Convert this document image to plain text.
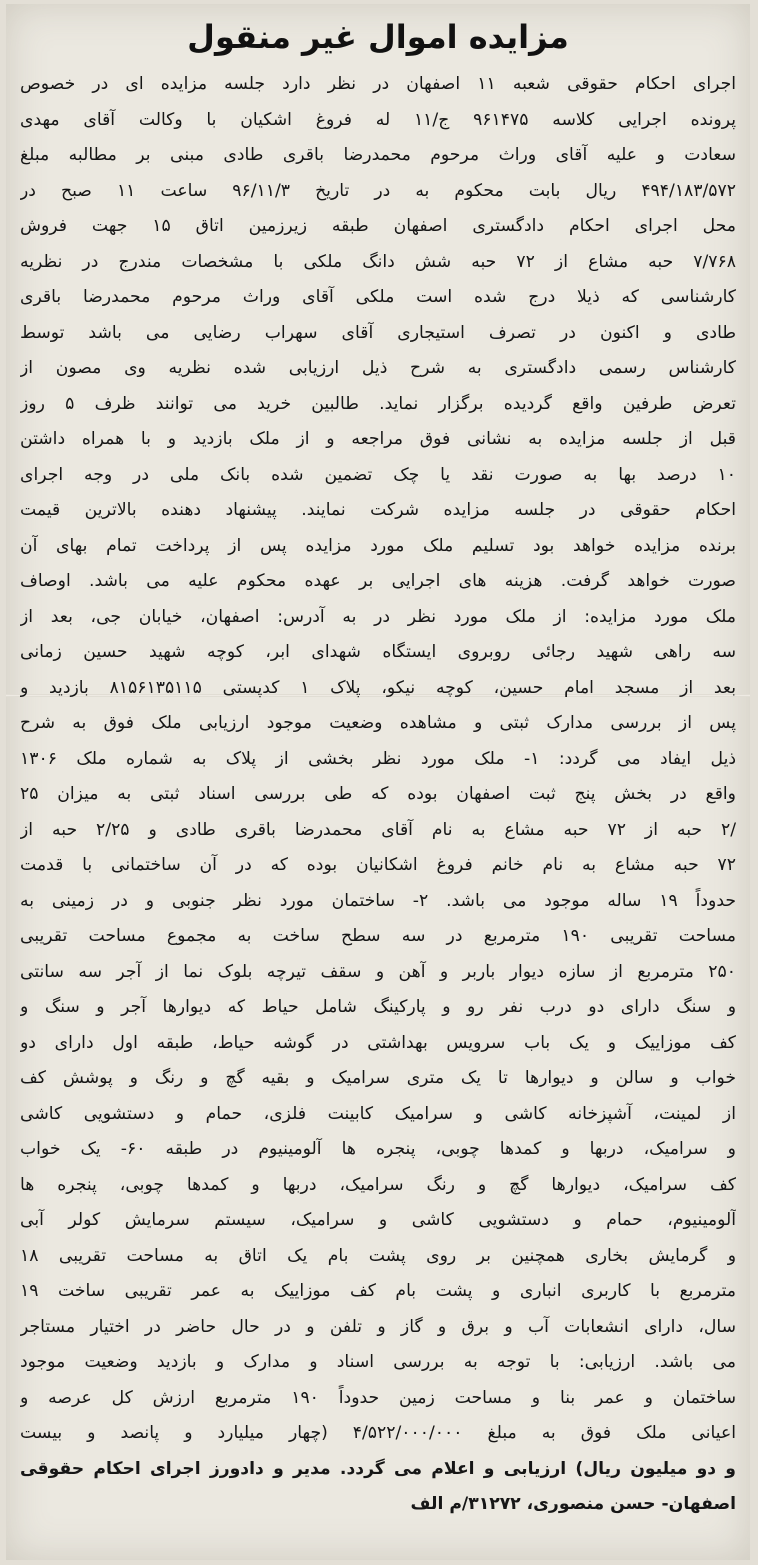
مزایده اموال غیر منقول
اجرای احکام حقوقی شعبه ۱۱ اصفهان در نظر دارد جلسه مزایده ای در خصوص
پرونده اجرایی کلاسه ۹۶۱۴۷۵ ج/۱۱ له فروغ اشکیان با وکالت آقای مهدی
سعادت و علیه آقای وراث مرحوم محمدرضا باقری طادی مبنی بر مطالبه مبلغ
۴۹۴/۱۸۳/۵۷۲ ریال بابت محکوم به در تاریخ ۹۶/۱۱/۳ ساعت ۱۱ صبح در
محل اجرای احکام دادگستری اصفهان طبقه زیرزمین اتاق ۱۵ جهت فروش
۷/۷۶۸ حبه مشاع از ۷۲ حبه شش دانگ ملکی با مشخصات مندرج در نظریه
کارشناسی که ذیلا درج شده است ملکی آقای وراث مرحوم محمدرضا باقری
طادی و اکنون در تصرف استیجاری آقای سهراب رضایی می باشد توسط
کارشناس رسمی دادگستری به شرح ذیل ارزیابی شده نظریه وی مصون از
تعرض طرفین واقع گردیده برگزار نماید. طالبین خرید می توانند ظرف ۵ روز
قبل از جلسه مزایده به نشانی فوق مراجعه و از ملک بازدید و با همراه داشتن
۱۰ درصد بها به صورت نقد یا چک تضمین شده بانک ملی در وجه اجرای
احکام حقوقی در جلسه مزایده شرکت نمایند. پیشنهاد دهنده بالاترین قیمت
برنده مزایده خواهد بود تسلیم ملک مورد مزایده پس از پرداخت تمام بهای آن
صورت خواهد گرفت. هزینه های اجرایی بر عهده محکوم علیه می باشد. اوصاف
ملک مورد مزایده: از ملک مورد نظر در به آدرس: اصفهان، خیابان جی، بعد از
سه راهی شهید رجائی روبروی ایستگاه شهدای ابر، کوچه شهید حسین زمانی
بعد از مسجد امام حسین، کوچه نیکو، پلاک ۱ کدپستی ۸۱۵۶۱۳۵۱۱۵ بازدید و
پس از بررسی مدارک ثبتی و مشاهده وضعیت موجود ارزیابی ملک فوق به شرح
ذیل ایفاد می گردد: ۱- ملک مورد نظر بخشی از پلاک به شماره ملک ۱۳۰۶
واقع در بخش پنج ثبت اصفهان بوده که طی بررسی اسناد ثبتی به میزان ۲۵
/۲ حبه از ۷۲ حبه مشاع به نام آقای محمدرضا باقری طادی و ۲/۲۵ حبه از
۷۲ حبه مشاع به نام خانم فروغ اشکانیان بوده که در آن ساختمانی با قدمت
حدوداً ۱۹ ساله موجود می باشد. ۲- ساختمان مورد نظر جنوبی و در زمینی به
مساحت تقریبی ۱۹۰ مترمربع در سه سطح ساخت به مجموع مساحت تقریبی
۲۵۰ مترمربع از سازه دیوار باربر و آهن و سقف تیرچه بلوک نما از آجر سه سانتی
و سنگ دارای دو درب نفر رو و پارکینگ شامل حیاط که دیوارها آجر و سنگ و
کف موزاییک و یک باب سرویس بهداشتی در گوشه حیاط، طبقه اول دارای دو
خواب و سالن و دیوارها تا یک متری سرامیک و بقیه گچ و رنگ و پوشش کف
از لمینت، آشپزخانه کاشی و سرامیک کابینت فلزی، حمام و دستشویی کاشی
و سرامیک، دربها و کمدها چوبی، پنجره ها آلومینیوم در طبقه ۶۰- یک خواب
کف سرامیک، دیوارها گچ و رنگ سرامیک، دربها و کمدها چوبی، پنجره ها
آلومینیوم، حمام و دستشویی کاشی و سرامیک، سیستم سرمایش کولر آبی
و گرمایش بخاری همچنین بر روی پشت بام یک اتاق به مساحت تقریبی ۱۸
مترمربع با کاربری انباری و پشت بام کف موزاییک به عمر تقریبی ساخت ۱۹
سال، دارای انشعابات آب و برق و گاز و تلفن و در حال حاضر در اختیار مستاجر
می باشد. ارزیابی: با توجه به بررسی اسناد و مدارک و بازدید وضعیت موجود
ساختمان و عمر بنا و مساحت زمین حدوداً ۱۹۰ مترمربع ارزش کل عرصه و
اعیانی ملک فوق به مبلغ ۴/۵۲۲/۰۰۰/۰۰۰ (چهار میلیارد و پانصد و بیست
و دو میلیون ریال) ارزیابی و اعلام می گردد. مدیر و دادورز اجرای احکام حقوقی
اصفهان- حسن منصوری، ۳۱۲۷۲/م الف
